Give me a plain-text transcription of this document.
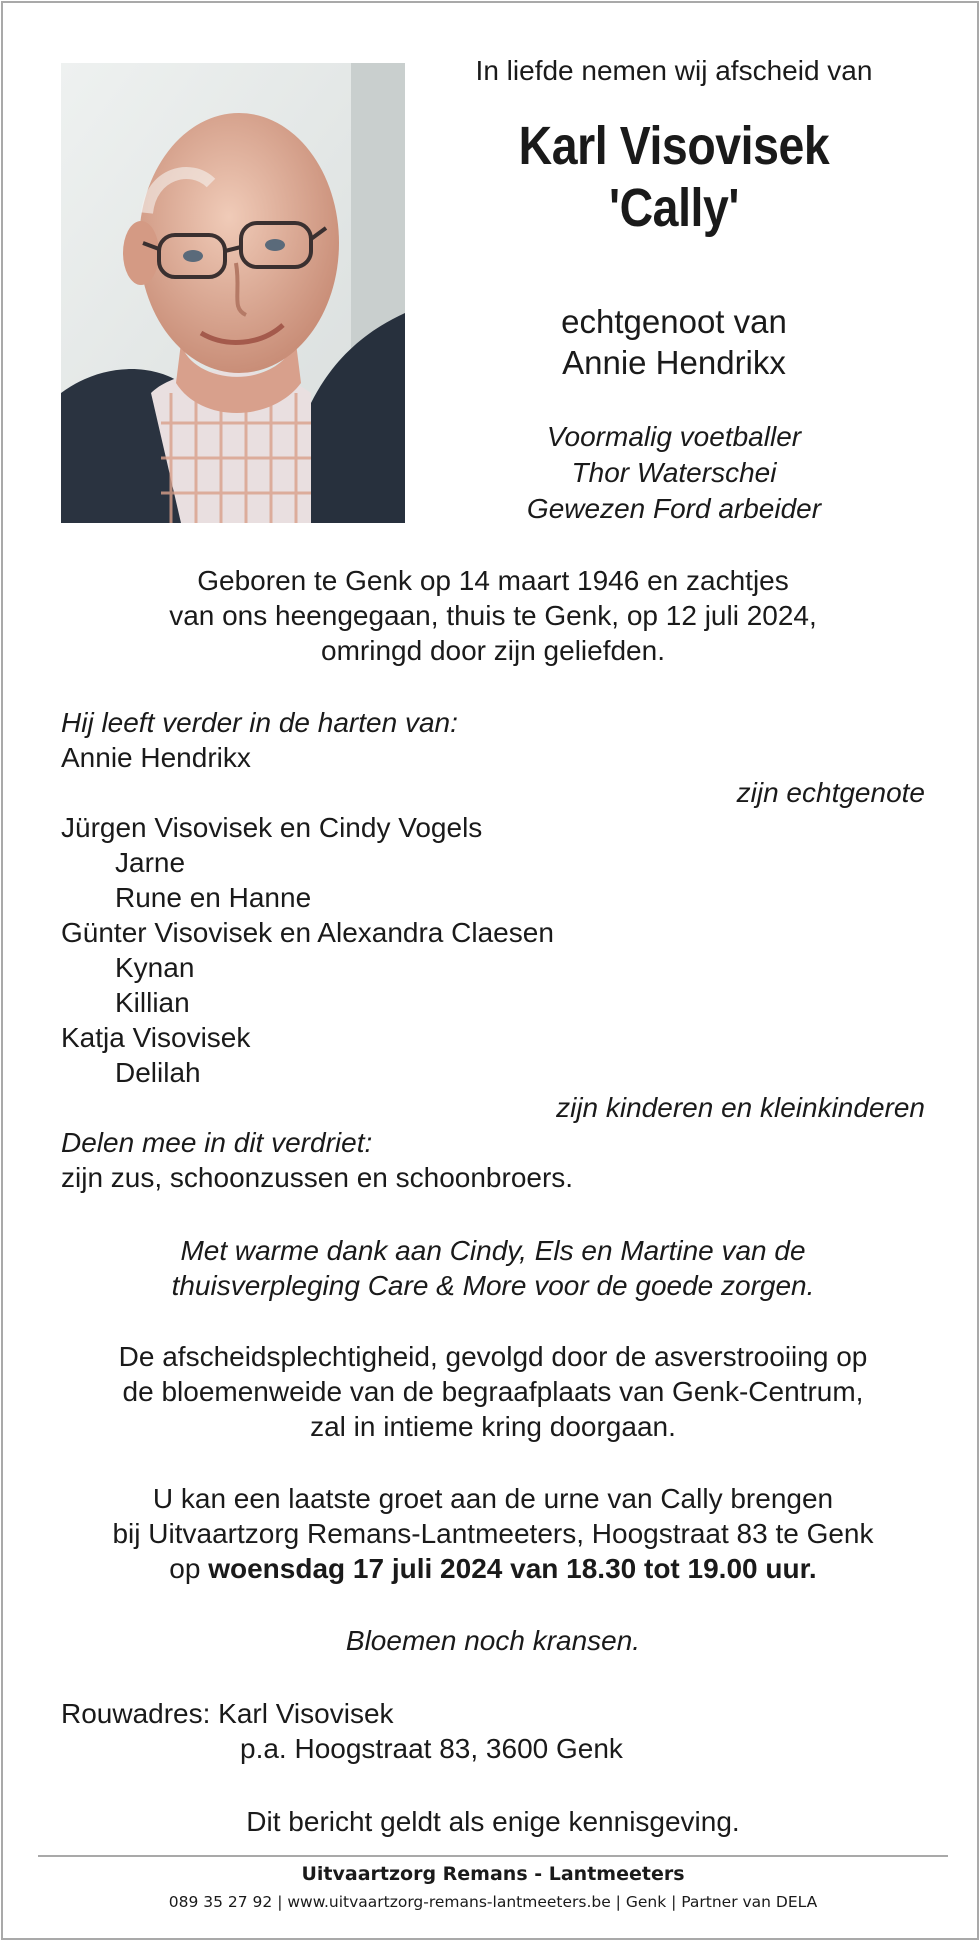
In liefde nemen wij afscheid van
Karl Visovisek
'Cally'
echtgenoot van
Annie Hendrikx
Voormalig voetballer
Thor Waterschei
Gewezen Ford arbeider
Geboren te Genk op 14 maart 1946 en zachtjes
van ons heengegaan, thuis te Genk, op 12 juli 2024,
omringd door zijn geliefden.
Hij leeft verder in de harten van:
Annie Hendrikx
zijn echtgenote
Jürgen Visovisek en Cindy Vogels
Jarne
Rune en Hanne
Günter Visovisek en Alexandra Claesen
Kynan
Killian
Katja Visovisek
Delilah
zijn kinderen en kleinkinderen
Delen mee in dit verdriet:
zijn zus, schoonzussen en schoonbroers.
Met warme dank aan Cindy, Els en Martine van de
thuisverpleging Care & More voor de goede zorgen.
De afscheidsplechtigheid, gevolgd door de asverstrooiing op
de bloemenweide van de begraafplaats van Genk-Centrum,
zal in intieme kring doorgaan.
U kan een laatste groet aan de urne van Cally brengen
bij Uitvaartzorg Remans-Lantmeeters, Hoogstraat 83 te Genk
op woensdag 17 juli 2024 van 18.30 tot 19.00 uur.
Bloemen noch kransen.
Rouwadres: Karl Visovisek
p.a. Hoogstraat 83, 3600 Genk
Dit bericht geldt als enige kennisgeving.
Uitvaartzorg Remans - Lantmeeters
089 35 27 92 | www.uitvaartzorg-remans-lantmeeters.be | Genk | Partner van DELA
